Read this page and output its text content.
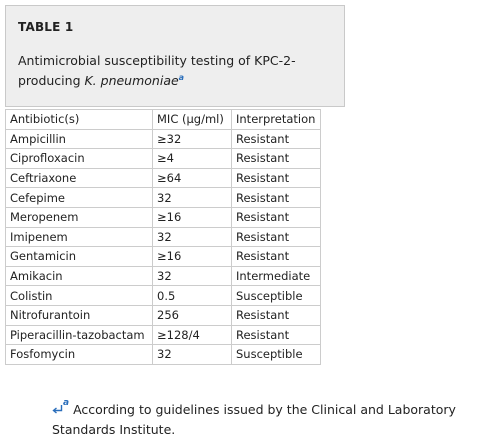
TABLE 1
Antimicrobial susceptibility testing of KPC-2-producing K. pneumoniae$^a$
Antibiotic(s)	MIC (μg/ml)	Interpretation
Ampicillin	≥32	Resistant
Ciprofloxacin	≥4	Resistant
Ceftriaxone	≥64	Resistant
Cefepime	32	Resistant
Meropenem	≥16	Resistant
Imipenem	32	Resistant
Gentamicin	≥16	Resistant
Amikacin	32	Intermediate
Colistin	0.5	Susceptible
Nitrofurantoin	256	Resistant
Piperacillin-tazobactam	≥128/4	Resistant
Fosfomycin	32	Susceptible
$^a$ According to guidelines issued by the Clinical and Laboratory Standards Institute.
